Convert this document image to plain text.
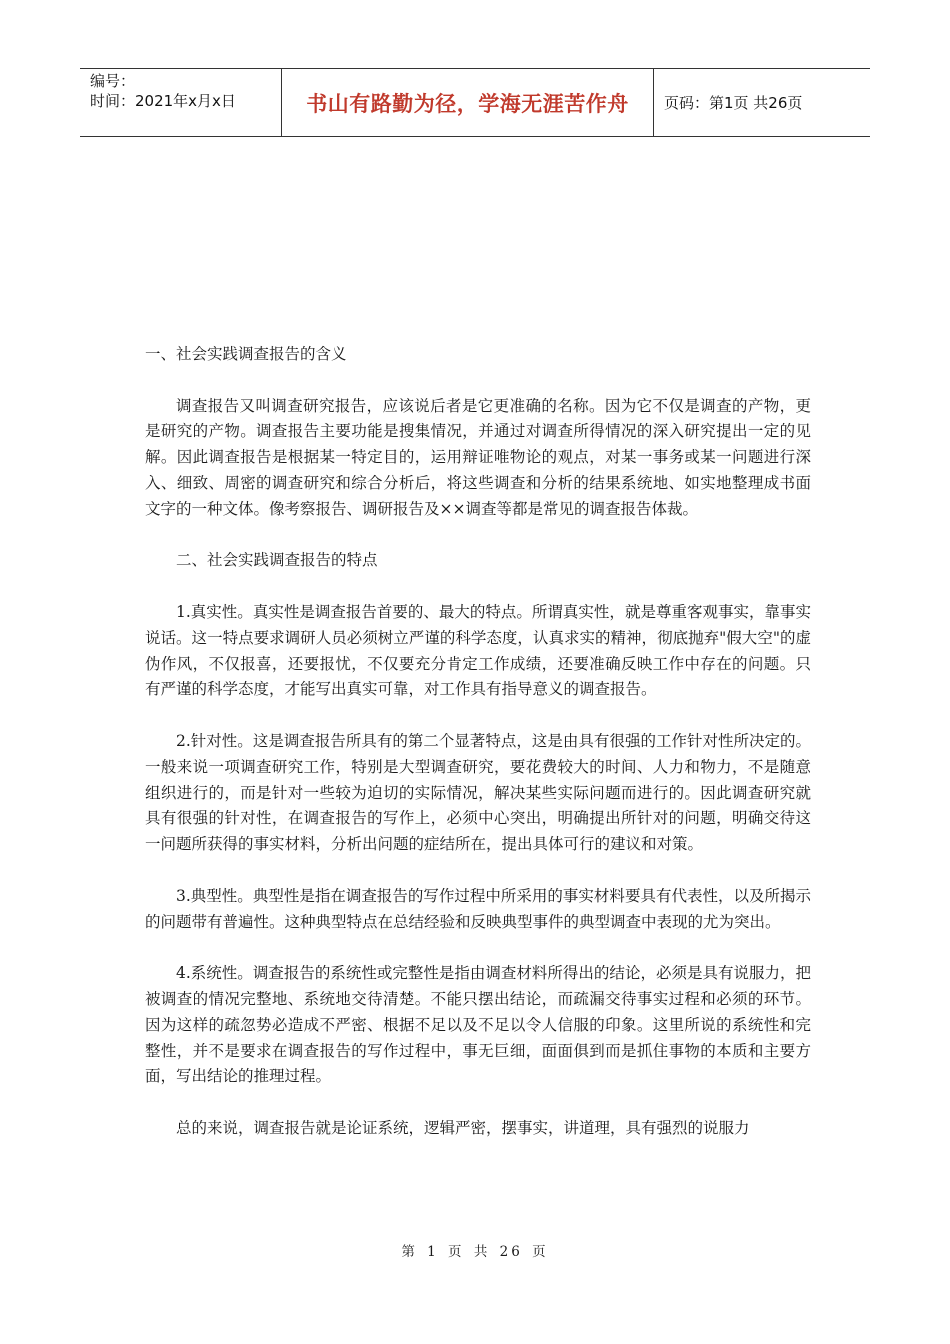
编号：
时间：2021年x月x日	书山有路勤为径，学海无涯苦作舟	页码：第1页 共26页

一、社会实践调查报告的含义

调查报告又叫调查研究报告，应该说后者是它更准确的名称。因为它不仅是调查的产物，更是研究的产物。调查报告主要功能是搜集情况，并通过对调查所得情况的深入研究提出一定的见解。因此调查报告是根据某一特定目的，运用辩证唯物论的观点，对某一事务或某一问题进行深入、细致、周密的调查研究和综合分析后，将这些调查和分析的结果系统地、如实地整理成书面文字的一种文体。像考察报告、调研报告及××调查等都是常见的调查报告体裁。

二、社会实践调查报告的特点

1.真实性。真实性是调查报告首要的、最大的特点。所谓真实性，就是尊重客观事实，靠事实说话。这一特点要求调研人员必须树立严谨的科学态度，认真求实的精神，彻底抛弃"假大空"的虚伪作风，不仅报喜，还要报忧，不仅要充分肯定工作成绩，还要准确反映工作中存在的问题。只有严谨的科学态度，才能写出真实可靠，对工作具有指导意义的调查报告。

2.针对性。这是调查报告所具有的第二个显著特点，这是由具有很强的工作针对性所决定的。一般来说一项调查研究工作，特别是大型调查研究，要花费较大的时间、人力和物力，不是随意组织进行的，而是针对一些较为迫切的实际情况，解决某些实际问题而进行的。因此调查研究就具有很强的针对性，在调查报告的写作上，必须中心突出，明确提出所针对的问题，明确交待这一问题所获得的事实材料，分析出问题的症结所在，提出具体可行的建议和对策。

3.典型性。典型性是指在调查报告的写作过程中所采用的事实材料要具有代表性，以及所揭示的问题带有普遍性。这种典型特点在总结经验和反映典型事件的典型调查中表现的尤为突出。

4.系统性。调查报告的系统性或完整性是指由调查材料所得出的结论，必须是具有说服力，把被调查的情况完整地、系统地交待清楚。不能只摆出结论，而疏漏交待事实过程和必须的环节。因为这样的疏忽势必造成不严密、根据不足以及不足以令人信服的印象。这里所说的系统性和完整性，并不是要求在调查报告的写作过程中，事无巨细，面面俱到而是抓住事物的本质和主要方面，写出结论的推理过程。

总的来说，调查报告就是论证系统，逻辑严密，摆事实，讲道理，具有强烈的说服力

第 1 页 共 26 页
